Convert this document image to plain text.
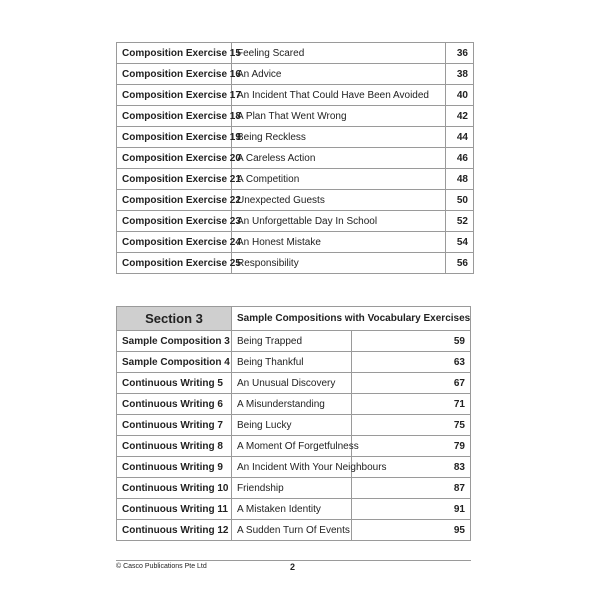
Composition Exercise 15	Feeling Scared	36
Composition Exercise 16	An Advice	38
Composition Exercise 17	An Incident That Could Have Been Avoided	40
Composition Exercise 18	A Plan That Went Wrong	42
Composition Exercise 19	Being Reckless	44
Composition Exercise 20	A Careless Action	46
Composition Exercise 21	A Competition	48
Composition Exercise 22	Unexpected Guests	50
Composition Exercise 23	An Unforgettable Day In School	52
Composition Exercise 24	An Honest Mistake	54
Composition Exercise 25	Responsibility	56
Section 3	Sample Compositions with Vocabulary Exercises	
Sample Composition 3	Being Trapped	59
Sample Composition 4	Being Thankful	63
Continuous Writing 5	An Unusual Discovery	67
Continuous Writing 6	A Misunderstanding	71
Continuous Writing 7	Being Lucky	75
Continuous Writing 8	A Moment Of Forgetfulness	79
Continuous Writing 9	An Incident With Your Neighbours	83
Continuous Writing 10	Friendship	87
Continuous Writing 11	A Mistaken Identity	91
Continuous Writing 12	A Sudden Turn Of Events	95
© Casco Publications Pte Ltd	2
